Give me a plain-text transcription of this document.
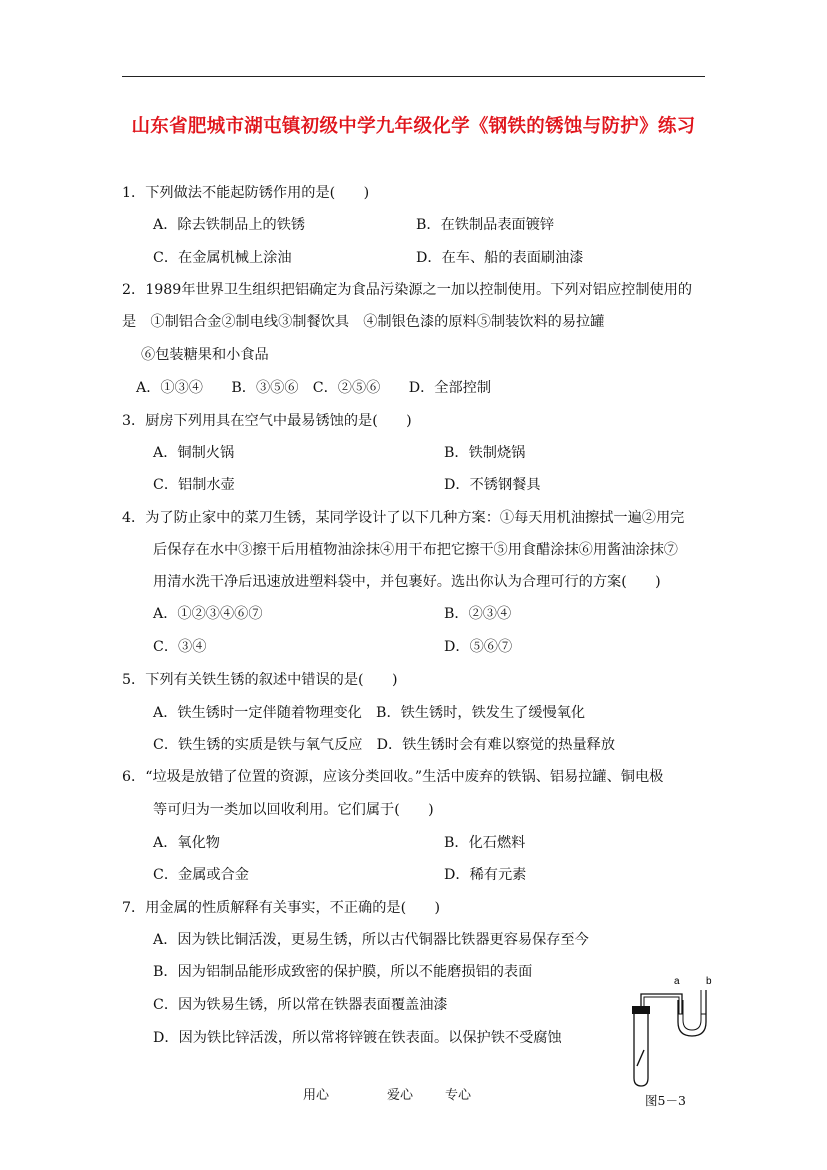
山东省肥城市湖屯镇初级中学九年级化学《钢铁的锈蚀与防护》练习
1．下列做法不能起防锈作用的是(　　)
A．除去铁制品上的铁锈	B．在铁制品表面镀锌
C．在金属机械上涂油	D．在车、船的表面刷油漆
2．1989年世界卫生组织把铝确定为食品污染源之一加以控制使用。下列对铝应控制使用的
是　①制铝合金②制电线③制餐饮具　④制银色漆的原料⑤制装饮料的易拉罐
⑥包装糖果和小食品
A．①③④　　B．③⑤⑥　C．②⑤⑥　　D．全部控制
3．厨房下列用具在空气中最易锈蚀的是(　　)
A．铜制火锅	B．铁制烧锅
C．铝制水壶	D．不锈钢餐具
4．为了防止家中的菜刀生锈，某同学设计了以下几种方案：①每天用机油擦拭一遍②用完
后保存在水中③擦干后用植物油涂抹④用干布把它擦干⑤用食醋涂抹⑥用酱油涂抹⑦
用清水洗干净后迅速放进塑料袋中，并包裹好。选出你认为合理可行的方案(　　)
A．①②③④⑥⑦	B．②③④
C．③④	D．⑤⑥⑦
5．下列有关铁生锈的叙述中错误的是(　　)
A．铁生锈时一定伴随着物理变化　B．铁生锈时，铁发生了缓慢氧化
C．铁生锈的实质是铁与氧气反应　D．铁生锈时会有难以察觉的热量释放
6．“垃圾是放错了位置的资源，应该分类回收。”生活中废弃的铁锅、铝易拉罐、铜电极
等可归为一类加以回收利用。它们属于(　　)
A．氧化物	B．化石燃料
C．金属或合金	D．稀有元素
7．用金属的性质解释有关事实，不正确的是(　　)
A．因为铁比铜活泼，更易生锈，所以古代铜器比铁器更容易保存至今
B．因为铝制品能形成致密的保护膜，所以不能磨损铝的表面
C．因为铁易生锈，所以常在铁器表面覆盖油漆
D．因为铁比锌活泼，所以常将锌镀在铁表面。以保护铁不受腐蚀
a	b
图5－3
用心	爱心 专心
